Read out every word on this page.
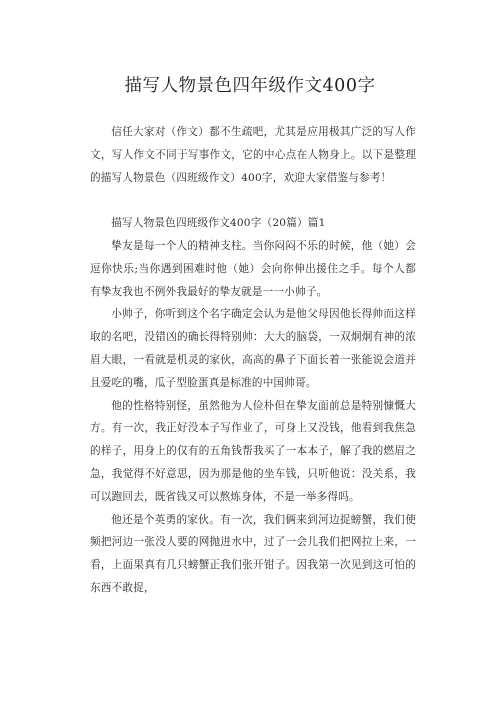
描写人物景色四年级作文400字

信任大家对（作文）都不生疏吧，尤其是应用极其广泛的写人作文，写人作文不同于写事作文，它的中心点在人物身上。以下是整理的描写人物景色（四班级作文）400字，欢迎大家借鉴与参考！

描写人物景色四班级作文400字（20篇）篇1

挚友是每一个人的精神支柱。当你闷闷不乐的时候，他（她）会逗你快乐;当你遇到困难时他（她）会向你伸出援住之手。每个人都有挚友我也不例外我最好的挚友就是一一小帅子。

小帅子，你听到这个名字确定会认为是他父母因他长得帅而这样取的名吧，没错凶的确长得特别帅：大大的脑袋，一双炯炯有神的浓眉大眼，一看就是机灵的家伙，高高的鼻子下面长着一张能说会道并且爱吃的嘴，瓜子型脸蛋真是标准的中国帅哥。

他的性格特别怪，虽然他为人俭朴但在挚友面前总是特别慷慨大方。有一次，我正好没本子写作业了，可身上又没钱，他看到我焦急的样子，用身上的仅有的五角钱帮我买了一本本子，解了我的燃眉之急，我觉得不好意思，因为那是他的坐车钱，只听他说：没关系，我可以跑回去，既省钱又可以熬炼身体，不是一举多得吗。

他还是个英勇的家伙。有一次，我们俩来到河边捉螃蟹，我们使频把河边一张没人要的网抛进水中，过了一会儿我们把网拉上来，一看，上面果真有几只螃蟹正我们张开钳子。因我第一次见到这可怕的东西不敢捉，
